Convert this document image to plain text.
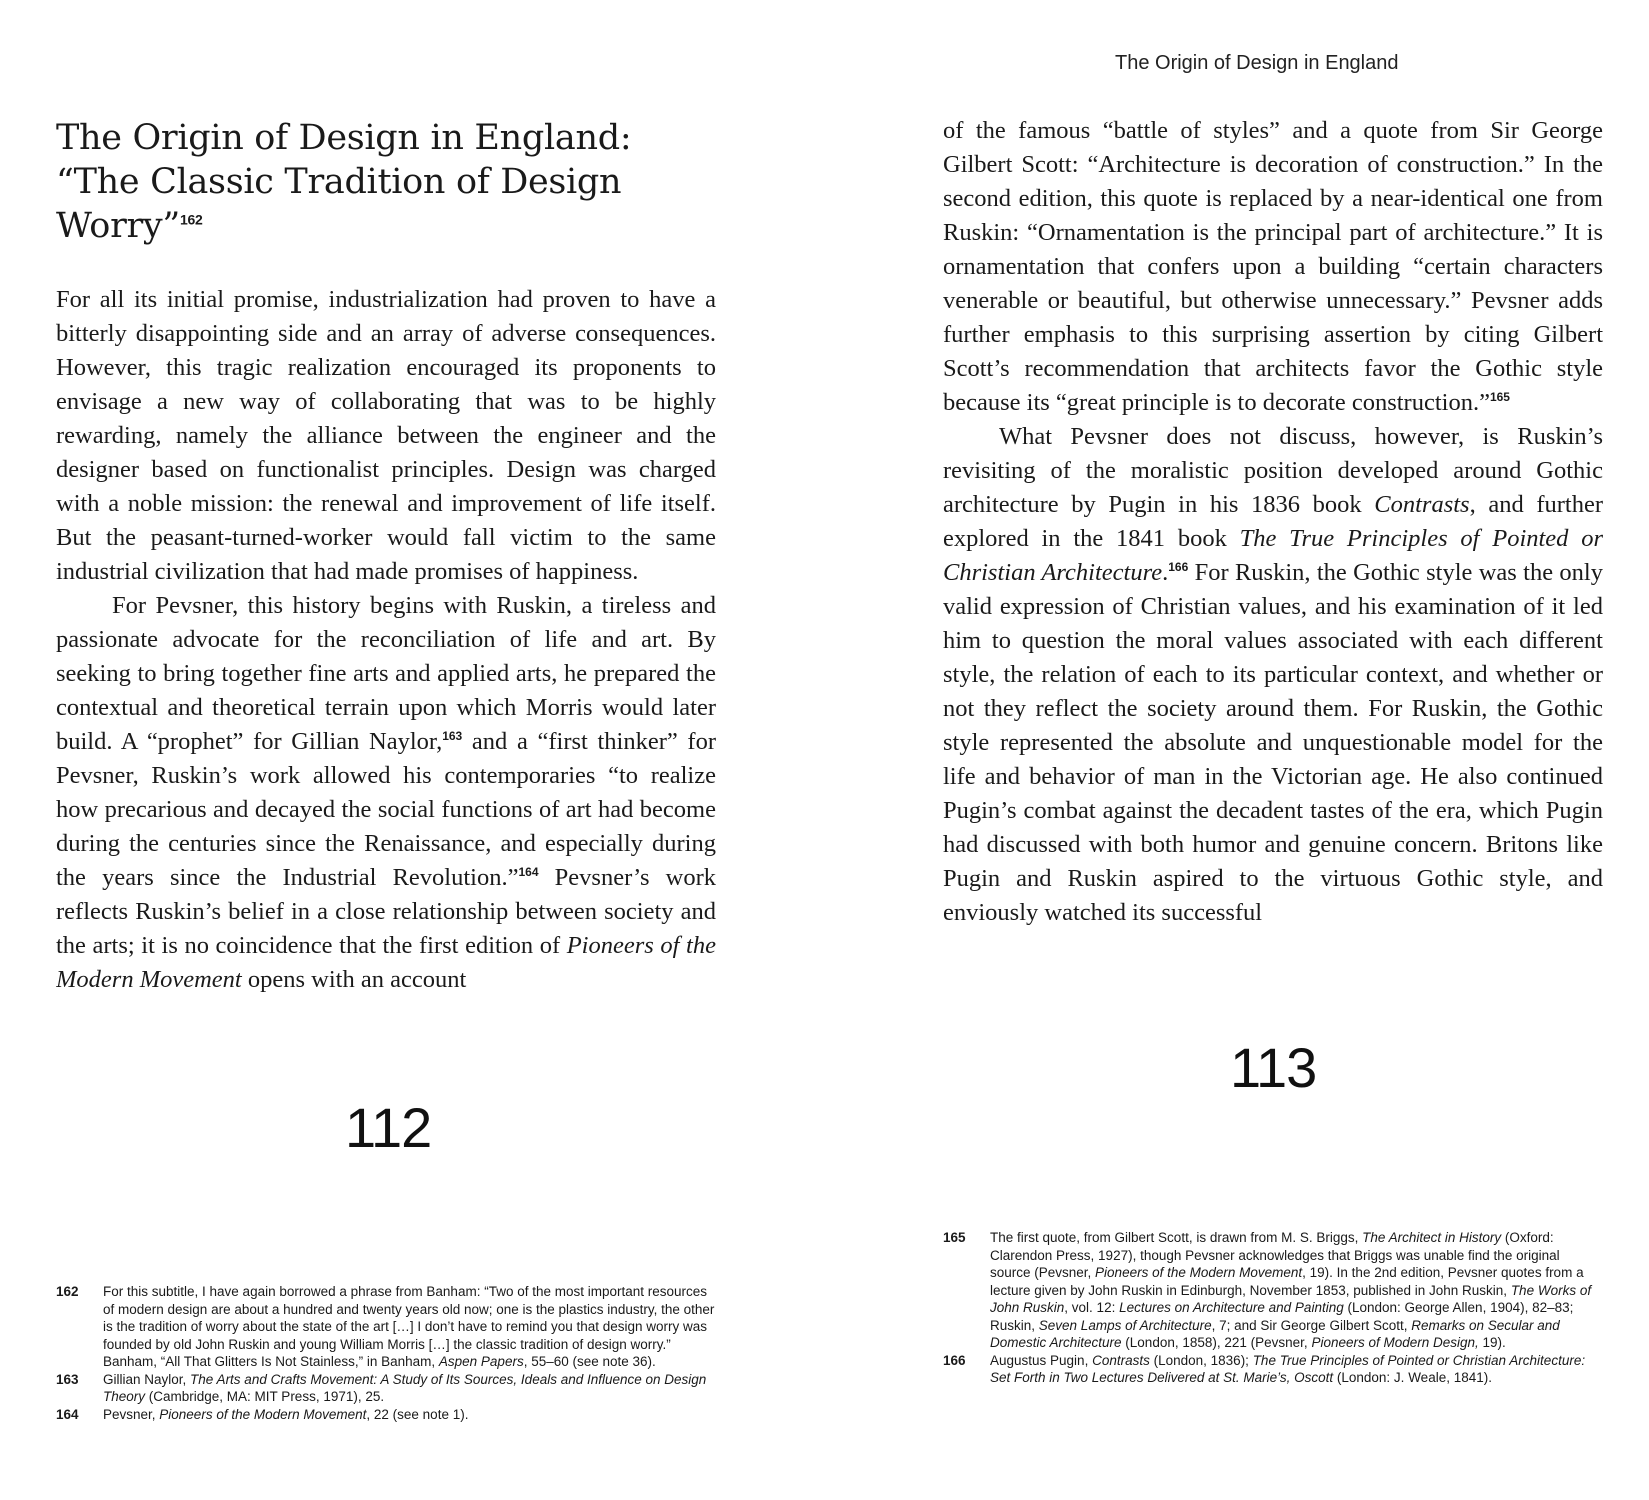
The Origin of Design in England:
“The Classic Tradition of Design
Worry”$^{162}$

For all its initial promise, industrialization had proven to have a bitterly disappointing side and an array of adverse consequences. However, this tragic realization encouraged its proponents to envisage a new way of collaborating that was to be highly rewarding, namely the alliance between the engineer and the designer based on functionalist principles. Design was charged with a noble mission: the renewal and improvement of life itself. But the peasant-turned-worker would fall victim to the same industrial civilization that had made promises of happiness.

For Pevsner, this history begins with Ruskin, a tireless and passionate advocate for the reconciliation of life and art. By seeking to bring together fine arts and applied arts, he prepared the contextual and theoretical terrain upon which Morris would later build. A “prophet” for Gillian Naylor,$^{163}$ and a “first thinker” for Pevsner, Ruskin’s work allowed his contemporaries “to realize how precarious and decayed the social functions of art had become during the centuries since the Renaissance, and especially during the years since the Industrial Revolution.”$^{164}$ Pevsner’s work reflects Ruskin’s belief in a close relationship between society and the arts; it is no coincidence that the first edition of Pioneers of the Modern Movement opens with an account

112
162	For this subtitle, I have again borrowed a phrase from Banham: “Two of the most important resources of modern design are about a hundred and twenty years old now; one is the plastics industry, the other is the tradition of worry about the state of the art […] I don’t have to remind you that design worry was founded by old John Ruskin and young William Morris […] the classic tradition of design worry.” Banham, “All That Glitters Is Not Stainless,” in Banham, Aspen Papers, 55–60 (see note 36).
163	Gillian Naylor, The Arts and Crafts Movement: A Study of Its Sources, Ideals and Influence on Design Theory (Cambridge, MA: MIT Press, 1971), 25.
164	Pevsner, Pioneers of the Modern Movement, 22 (see note 1).
The Origin of Design in England

of the famous “battle of styles” and a quote from Sir George Gilbert Scott: “Architecture is decoration of construction.” In the second edition, this quote is replaced by a near-identical one from Ruskin: “Ornamentation is the principal part of architecture.” It is ornamentation that confers upon a building “certain characters venerable or beautiful, but otherwise unnecessary.” Pevsner adds further emphasis to this surprising assertion by citing Gilbert Scott’s recommendation that architects favor the Gothic style because its “great principle is to decorate construction.”$^{165}$

What Pevsner does not discuss, however, is Ruskin’s revisiting of the moralistic position developed around Gothic architecture by Pugin in his 1836 book Contrasts, and further explored in the 1841 book The True Principles of Pointed or Christian Architecture.$^{166}$ For Ruskin, the Gothic style was the only valid expression of Christian values, and his examination of it led him to question the moral values associated with each different style, the relation of each to its particular context, and whether or not they reflect the society around them. For Ruskin, the Gothic style represented the absolute and unquestionable model for the life and behavior of man in the Victorian age. He also continued Pugin’s combat against the decadent tastes of the era, which Pugin had discussed with both humor and genuine concern. Britons like Pugin and Ruskin aspired to the virtuous Gothic style, and enviously watched its successful

113
165	The first quote, from Gilbert Scott, is drawn from M. S. Briggs, The Architect in History (Oxford: Clarendon Press, 1927), though Pevsner acknowledges that Briggs was unable find the original source (Pevsner, Pioneers of the Modern Movement, 19). In the 2nd edition, Pevsner quotes from a lecture given by John Ruskin in Edinburgh, November 1853, published in John Ruskin, The Works of John Ruskin, vol. 12: Lectures on Architecture and Painting (London: George Allen, 1904), 82–83; Ruskin, Seven Lamps of Architecture, 7; and Sir George Gilbert Scott, Remarks on Secular and Domestic Architecture (London, 1858), 221 (Pevsner, Pioneers of Modern Design, 19).
166	Augustus Pugin, Contrasts (London, 1836); The True Principles of Pointed or Christian Architecture: Set Forth in Two Lectures Delivered at St. Marie’s, Oscott (London: J. Weale, 1841).
